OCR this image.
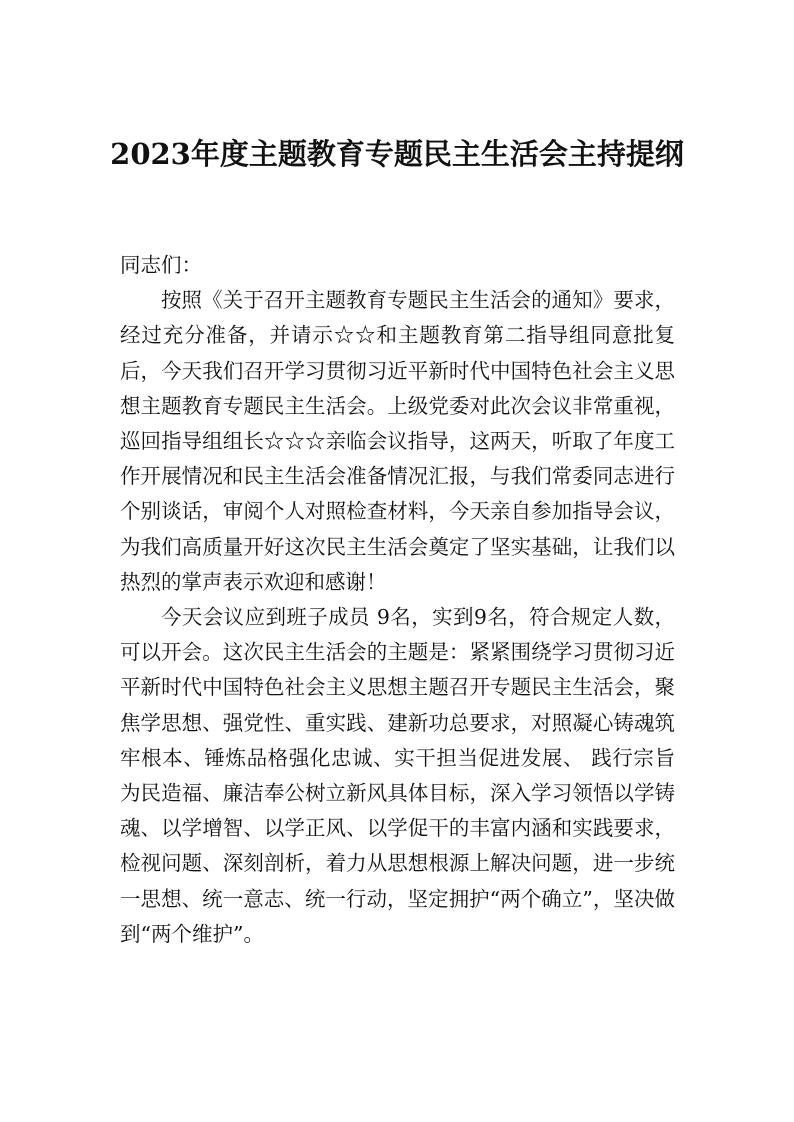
2023年度主题教育专题民主生活会主持提纲

同志们：

按照《关于召开主题教育专题民主生活会的通知》要求，经过充分准备，并请示☆☆和主题教育第二指导组同意批复后，今天我们召开学习贯彻习近平新时代中国特色社会主义思想主题教育专题民主生活会。上级党委对此次会议非常重视，巡回指导组组长☆☆☆亲临会议指导，这两天，听取了年度工作开展情况和民主生活会准备情况汇报，与我们常委同志进行个别谈话，审阅个人对照检查材料，今天亲自参加指导会议，为我们高质量开好这次民主生活会奠定了坚实基础，让我们以热烈的掌声表示欢迎和感谢！

今天会议应到班子成员 9名，实到9名，符合规定人数，可以开会。这次民主生活会的主题是：紧紧围绕学习贯彻习近平新时代中国特色社会主义思想主题召开专题民主生活会，聚焦学思想、强党性、重实践、建新功总要求，对照凝心铸魂筑牢根本、锤炼品格强化忠诚、实干担当促进发展、 践行宗旨为民造福、廉洁奉公树立新风具体目标，深入学习领悟以学铸魂、以学增智、以学正风、以学促干的丰富内涵和实践要求，检视问题、深刻剖析，着力从思想根源上解决问题，进一步统一思想、统一意志、统一行动，坚定拥护“两个确立”，坚决做到“两个维护”。
